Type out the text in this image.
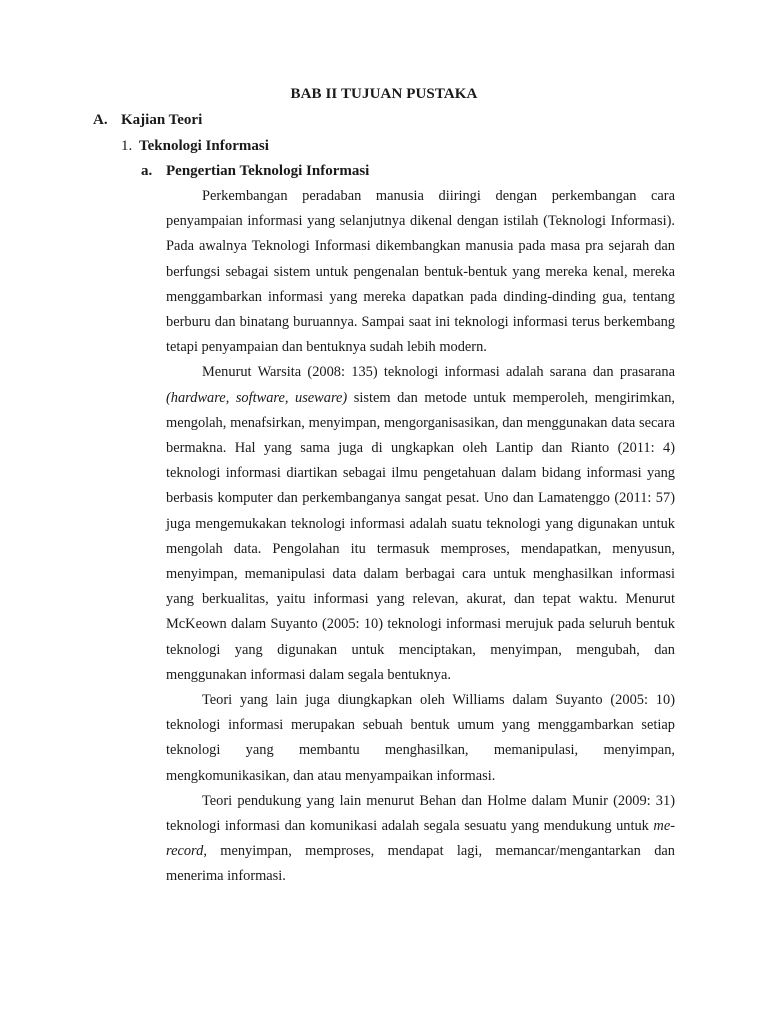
BAB II TUJUAN PUSTAKA
A. Kajian Teori
1. Teknologi Informasi
a. Pengertian Teknologi Informasi

Perkembangan peradaban manusia diiringi dengan perkembangan cara penyampaian informasi yang selanjutnya dikenal dengan istilah (Teknologi Informasi). Pada awalnya Teknologi Informasi dikembangkan manusia pada masa pra sejarah dan berfungsi sebagai sistem untuk pengenalan bentuk-bentuk yang mereka kenal, mereka menggambarkan informasi yang mereka dapatkan pada dinding-dinding gua, tentang berburu dan binatang buruannya. Sampai saat ini teknologi informasi terus berkembang tetapi penyampaian dan bentuknya sudah lebih modern.

Menurut Warsita (2008: 135) teknologi informasi adalah sarana dan prasarana (hardware, software, useware) sistem dan metode untuk memperoleh, mengirimkan, mengolah, menafsirkan, menyimpan, mengorganisasikan, dan menggunakan data secara bermakna. Hal yang sama juga di ungkapkan oleh Lantip dan Rianto (2011: 4) teknologi informasi diartikan sebagai ilmu pengetahuan dalam bidang informasi yang berbasis komputer dan perkembanganya sangat pesat. Uno dan Lamatenggo (2011: 57) juga mengemukakan teknologi informasi adalah suatu teknologi yang digunakan untuk mengolah data. Pengolahan itu termasuk memproses, mendapatkan, menyusun, menyimpan, memanipulasi data dalam berbagai cara untuk menghasilkan informasi yang berkualitas, yaitu informasi yang relevan, akurat, dan tepat waktu. Menurut McKeown dalam Suyanto (2005: 10) teknologi informasi merujuk pada seluruh bentuk teknologi yang digunakan untuk menciptakan, menyimpan, mengubah, dan menggunakan informasi dalam segala bentuknya.

Teori yang lain juga diungkapkan oleh Williams dalam Suyanto (2005: 10) teknologi informasi merupakan sebuah bentuk umum yang menggambarkan setiap teknologi yang membantu menghasilkan, memanipulasi, menyimpan, mengkomunikasikan, dan atau menyampaikan informasi.

Teori pendukung yang lain menurut Behan dan Holme dalam Munir (2009: 31) teknologi informasi dan komunikasi adalah segala sesuatu yang mendukung untuk me-record, menyimpan, memproses, mendapat lagi, memancar/mengantarkan dan menerima informasi.
